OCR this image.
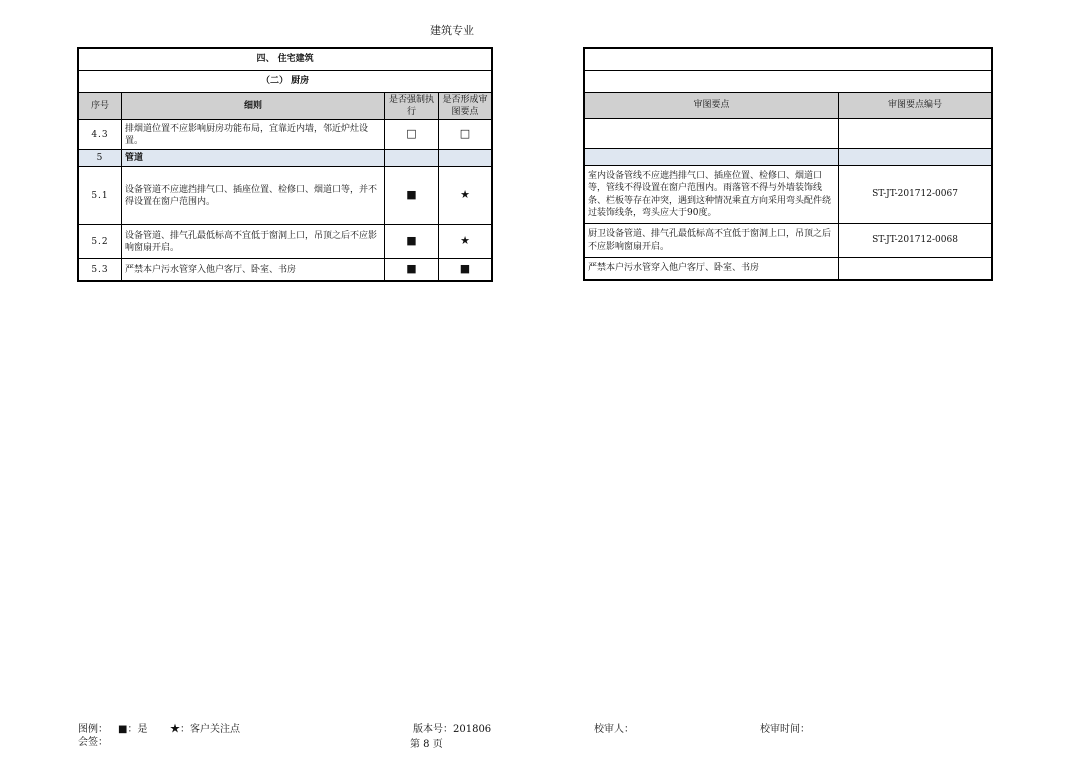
建筑专业
四、 住宅建筑			
（二） 厨房			
序号	细则	是否强制执行	是否形成审图要点
4.3	排烟道位置不应影响厨房功能布局，宜靠近内墙，邻近炉灶设置。	□	□
5	管道		
5.1	设备管道不应遮挡排气口、插座位置、检修口、烟道口等，并不得设置在窗户范围内。	■	★
5.2	设备管道、排气孔最低标高不宜低于窗洞上口，吊顶之后不应影响窗扇开启。	■	★
5.3	严禁本户污水管穿入他户客厅、卧室、书房	■	■

审图要点	审图要点编号

室内设备管线不应遮挡排气口、插座位置、检修口、烟道口等，管线不得设置在窗户范围内。雨落管不得与外墙装饰线条、栏板等存在冲突，遇到这种情况乘直方向采用弯头配件绕过装饰线条，弯头应大于90度。	ST-JT-201712-0067
厨卫设备管道、排气孔最低标高不宜低于窗洞上口，吊顶之后不应影响窗扇开启。	ST-JT-201712-0068
严禁本户污水管穿入他户客厅、卧室、书房	
图例： ■：是 ★：客户关注点	版本号：201806	校审人：	校审时间：
会签：	第 8 页
